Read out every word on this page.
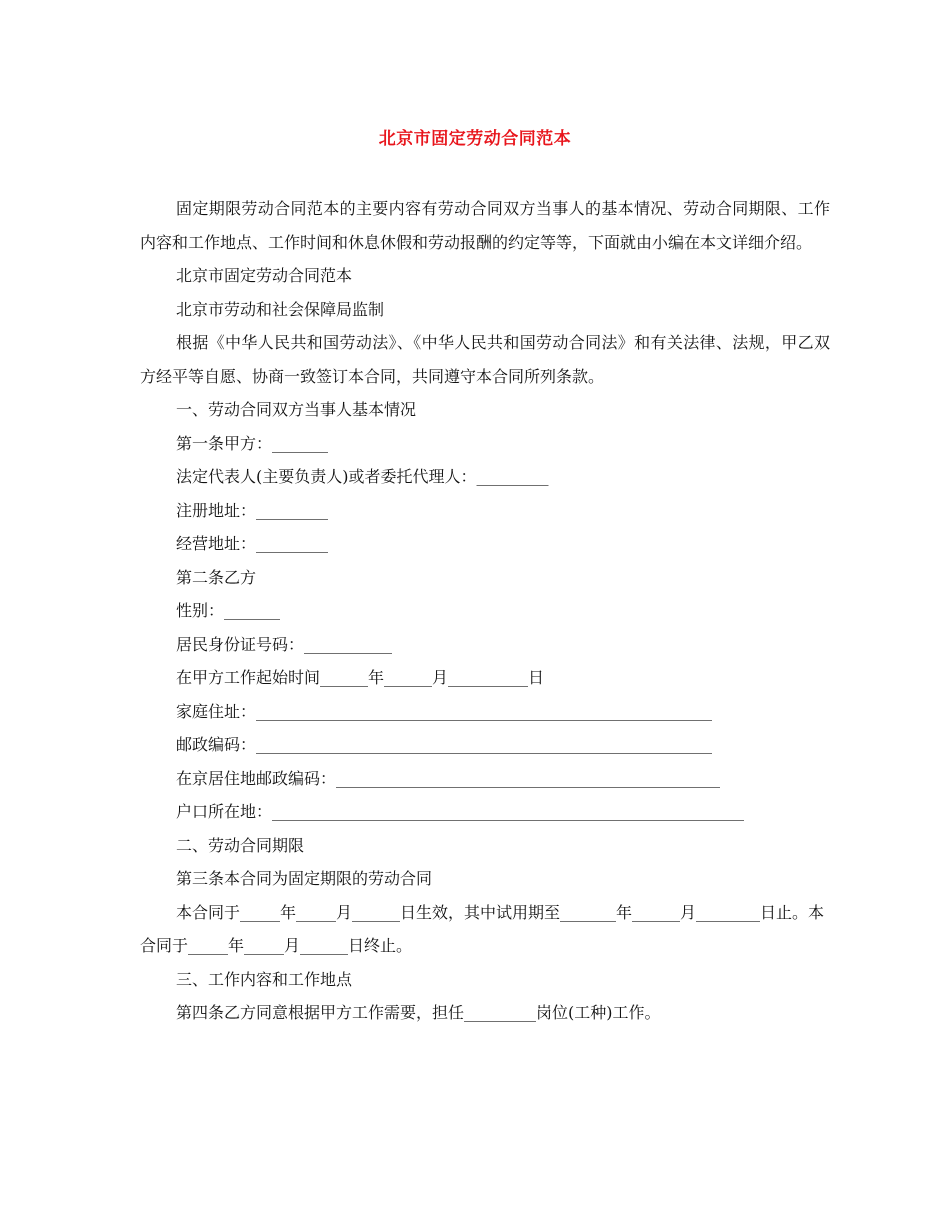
北京市固定劳动合同范本

固定期限劳动合同范本的主要内容有劳动合同双方当事人的基本情况、劳动合同期限、工作内容和工作地点、工作时间和休息休假和劳动报酬的约定等等，下面就由小编在本文详细介绍。

北京市固定劳动合同范本

北京市劳动和社会保障局监制

根据《中华人民共和国劳动法》、《中华人民共和国劳动合同法》和有关法律、法规，甲乙双方经平等自愿、协商一致签订本合同，共同遵守本合同所列条款。

一、劳动合同双方当事人基本情况

第一条甲方：_______

法定代表人(主要负责人)或者委托代理人：_________

注册地址：_________

经营地址：_________

第二条乙方

性别：_______

居民身份证号码：___________

在甲方工作起始时间______年______月__________日

家庭住址：_________________________________________________________

邮政编码：_________________________________________________________

在京居住地邮政编码：________________________________________________

户口所在地：___________________________________________________________

二、劳动合同期限

第三条本合同为固定期限的劳动合同

本合同于_____年_____月______日生效，其中试用期至_______年______月________日止。本合同于_____年_____月______日终止。

三、工作内容和工作地点

第四条乙方同意根据甲方工作需要，担任_________岗位(工种)工作。
